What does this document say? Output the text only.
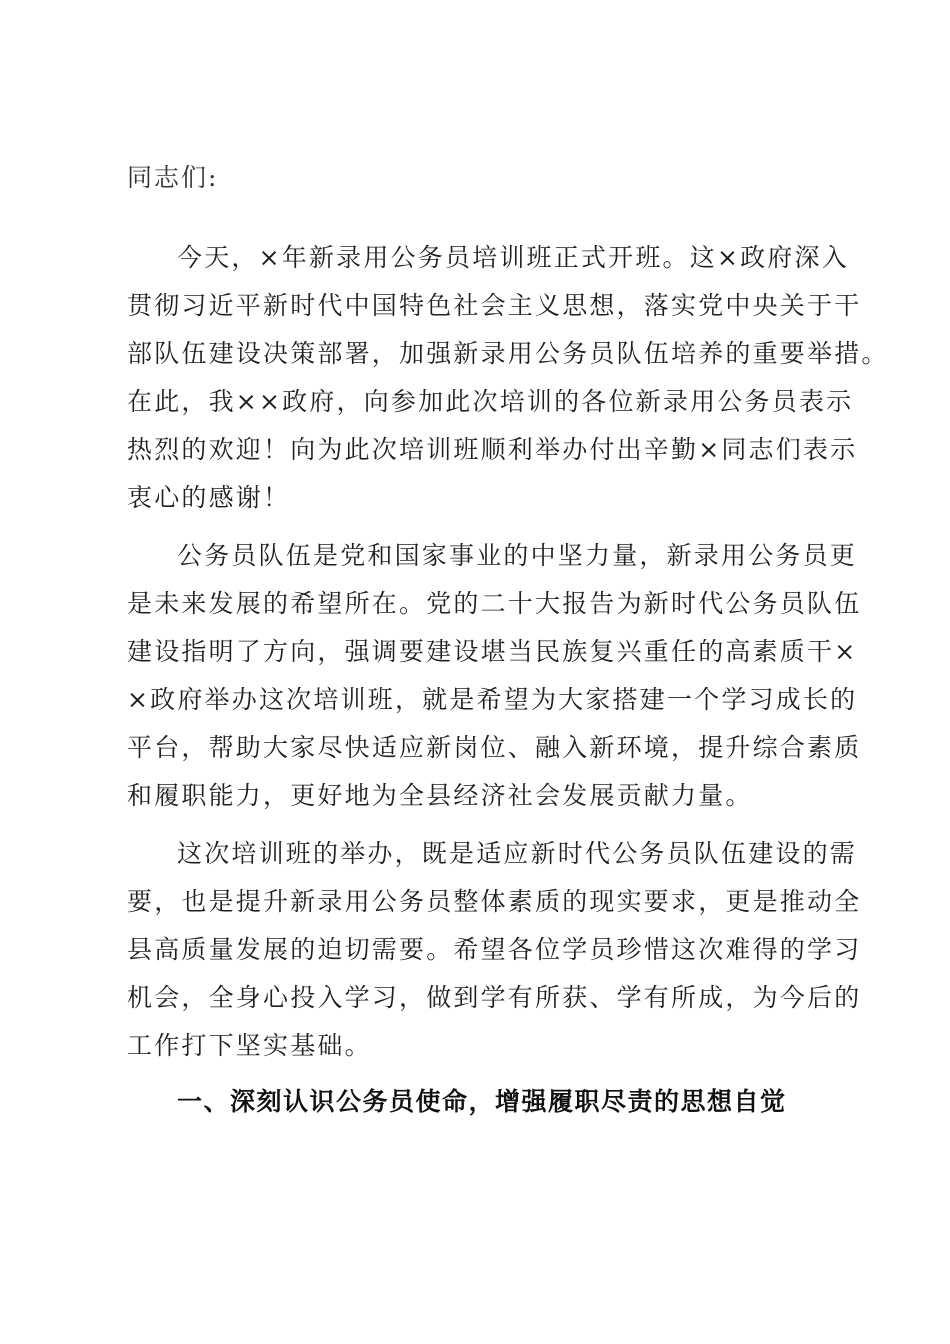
同志们:
今天，×年新录用公务员培训班正式开班。这×政府深入
贯彻习近平新时代中国特色社会主义思想，落实党中央关于干
部队伍建设决策部署，加强新录用公务员队伍培养的重要举措。
在此，我××政府，向参加此次培训的各位新录用公务员表示
热烈的欢迎！向为此次培训班顺利举办付出辛勤×同志们表示
衷心的感谢！
公务员队伍是党和国家事业的中坚力量，新录用公务员更
是未来发展的希望所在。党的二十大报告为新时代公务员队伍
建设指明了方向，强调要建设堪当民族复兴重任的高素质干×
×政府举办这次培训班，就是希望为大家搭建一个学习成长的
平台，帮助大家尽快适应新岗位、融入新环境，提升综合素质
和履职能力，更好地为全县经济社会发展贡献力量。
这次培训班的举办，既是适应新时代公务员队伍建设的需
要，也是提升新录用公务员整体素质的现实要求，更是推动全
县高质量发展的迫切需要。希望各位学员珍惜这次难得的学习
机会，全身心投入学习，做到学有所获、学有所成，为今后的
工作打下坚实基础。
一、深刻认识公务员使命，增强履职尽责的思想自觉
